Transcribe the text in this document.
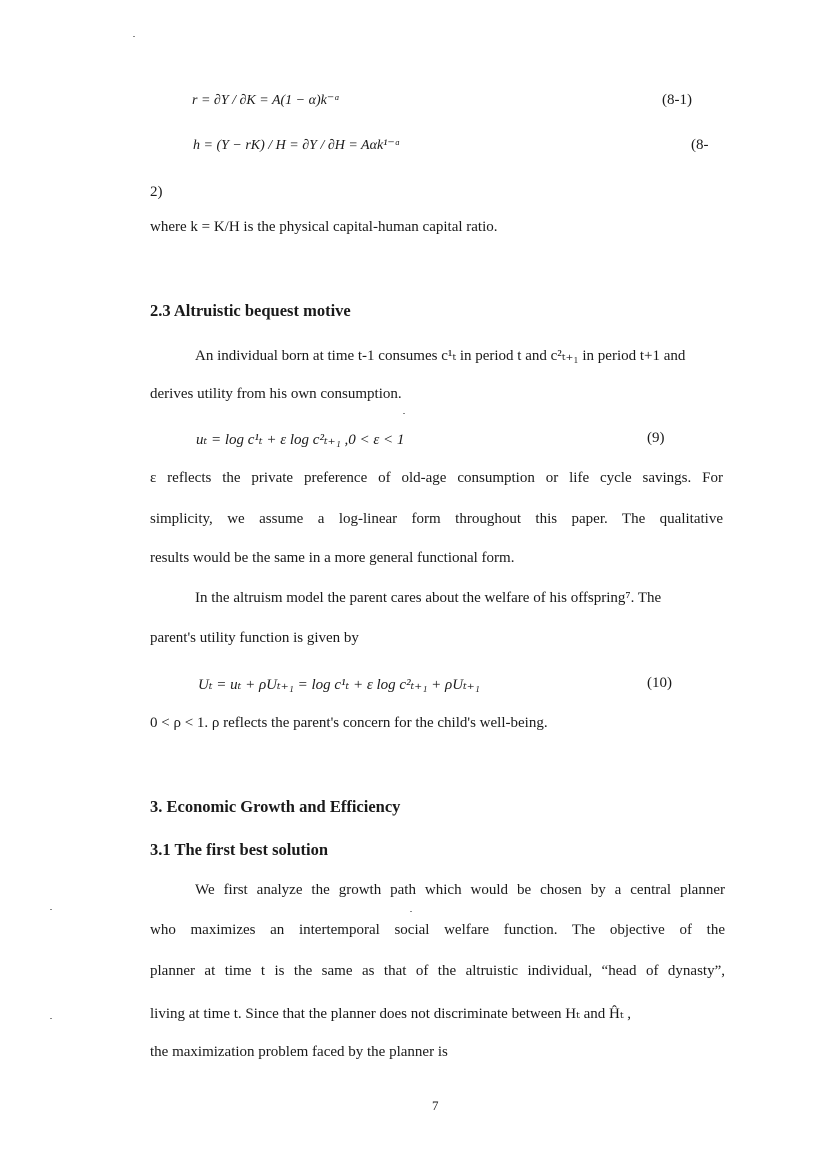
r = ∂Y / ∂K = A(1 − α)k⁻ᵅ	(8-1)
h = (Y − rK) / H = ∂Y / ∂H = Aαk¹⁻ᵅ	(8-
2)
where k = K/H is the physical capital-human capital ratio.
2.3 Altruistic bequest motive
An individual born at time t-1 consumes c¹ₜ in period t and c²ₜ₊₁ in period t+1 and
derives utility from his own consumption.
uₜ = log c¹ₜ + ε log c²ₜ₊₁ ,0 < ε < 1	(9)
ε reflects the private preference of old-age consumption or life cycle savings. For
simplicity, we assume a log-linear form throughout this paper. The qualitative
results would be the same in a more general functional form.
In the altruism model the parent cares about the welfare of his offspring⁷. The
parent's utility function is given by
Uₜ = uₜ + ρUₜ₊₁ = log c¹ₜ + ε log c²ₜ₊₁ + ρUₜ₊₁	(10)
0 < ρ < 1. ρ reflects the parent's concern for the child's well-being.
3. Economic Growth and Efficiency
3.1 The first best solution
We first analyze the growth path which would be chosen by a central planner
who maximizes an intertemporal social welfare function. The objective of the
planner at time t is the same as that of the altruistic individual, “head of dynasty”,
living at time t. Since that the planner does not discriminate between Hₜ and Ĥₜ ,
the maximization problem faced by the planner is
7
